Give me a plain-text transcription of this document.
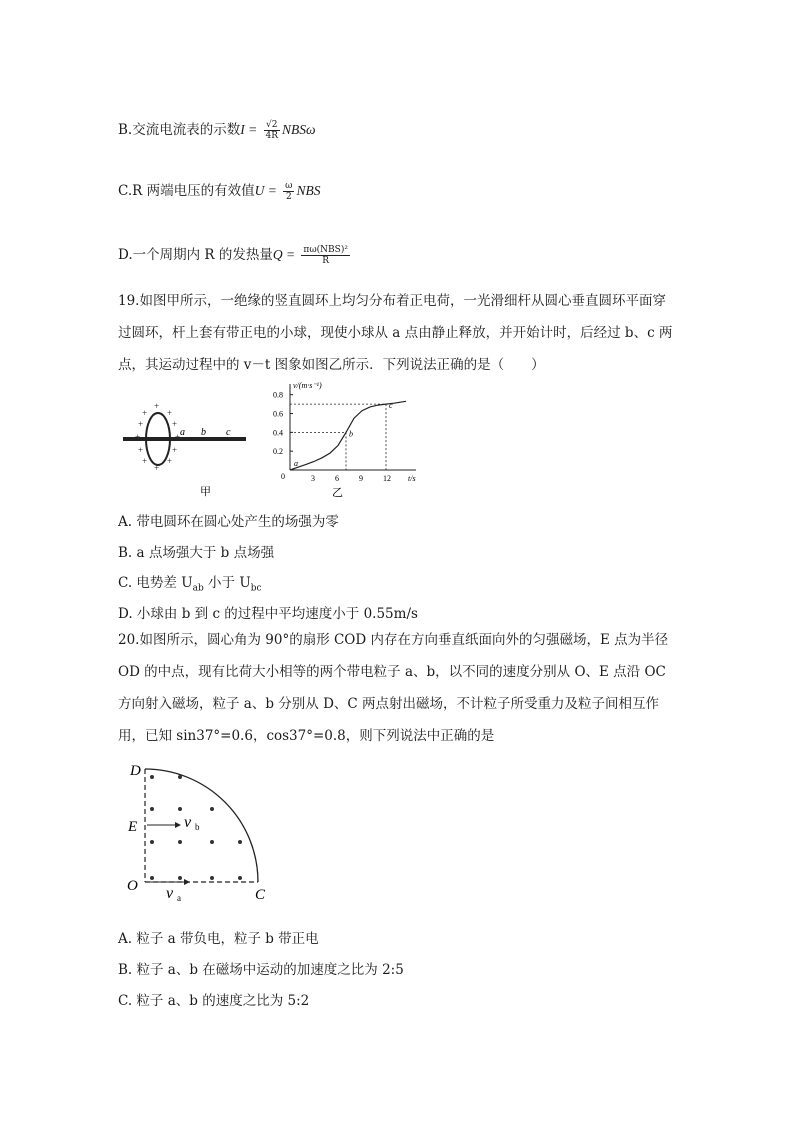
B.交流电流表的示数$I = \frac{√2}{4R}$ NBSω
C.R 两端电压的有效值$U = \frac{\omega}{2}$ NBS
D.一个周期内 R 的发热量$Q = \frac{\text{πω(NBS)²}}{R}$
19.如图甲所示，一绝缘的竖直圆环上均匀分布着正电荷，一光滑细杆从圆心垂直圆环平面穿过圆环，杆上套有带正电的小球，现使小球从 a 点由静止释放，并开始计时，后经过 b、c 两点，其运动过程中的 v－t 图象如图乙所示．下列说法正确的是（　　）
+
+ +
+	+
+	+
+	+
+ +
+
a b c
甲
v/(m·s⁻¹)
t/s
0	3	6	9	12
0.2
0.4
0.6
0.8
a
b
c
乙
A. 带电圆环在圆心处产生的场强为零
B. a 点场强大于 b 点场强
C. 电势差 $U_{ab}$ 小于 $U_{bc}$
D. 小球由 b 到 c 的过程中平均速度小于 0.55m/s
20.如图所示，圆心角为 90°的扇形 COD 内存在方向垂直纸面向外的匀强磁场，E 点为半径 OD 的中点，现有比荷大小相等的两个带电粒子 a、b，以不同的速度分别从 O、E 点沿 OC 方向射入磁场，粒子 a、b 分别从 D、C 两点射出磁场，不计粒子所受重力及粒子间相互作用，已知 sin37°=0.6，cos37°=0.8，则下列说法中正确的是
D
E
O
C
v b
v a
A. 粒子 a 带负电，粒子 b 带正电
B. 粒子 a、b 在磁场中运动的加速度之比为 2:5
C. 粒子 a、b 的速度之比为 5:2
